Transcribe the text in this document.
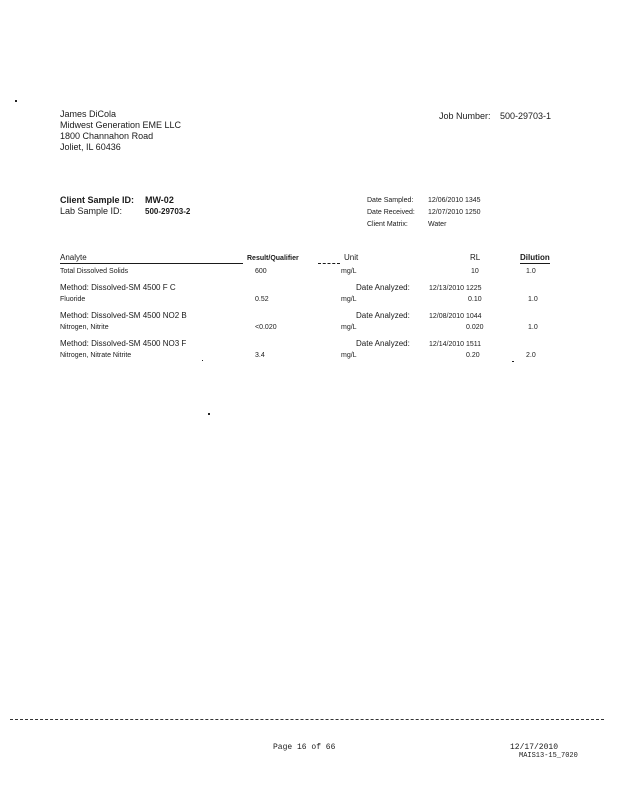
James DiCola
Midwest Generation EME LLC
1800 Channahon Road
Joliet, IL 60436
Job Number: 500-29703-1
Client Sample ID: MW-02
Lab Sample ID:	500-29703-2
Date Sampled: 12/06/2010 1345
Date Received: 12/07/2010 1250
Client Matrix:	Water
Analyte	Result/Qualifier	Unit	RL	Dilution
Total Dissolved Solids	600	mg/L	10	1.0
Method: Dissolved-SM 4500 F C	Date Analyzed:	12/13/2010 1225
Fluoride	0.52	mg/L	0.10	1.0
Method: Dissolved-SM 4500 NO2 B	Date Analyzed:	12/08/2010 1044
Nitrogen, Nitrite	<0.020	mg/L	0.020	1.0
Method: Dissolved-SM 4500 NO3 F	Date Analyzed:	12/14/2010 1511
Nitrogen, Nitrate Nitrite	3.4	mg/L	0.20	2.0
Page 16 of 66	12/17/2010
MAIS13-15_7020
